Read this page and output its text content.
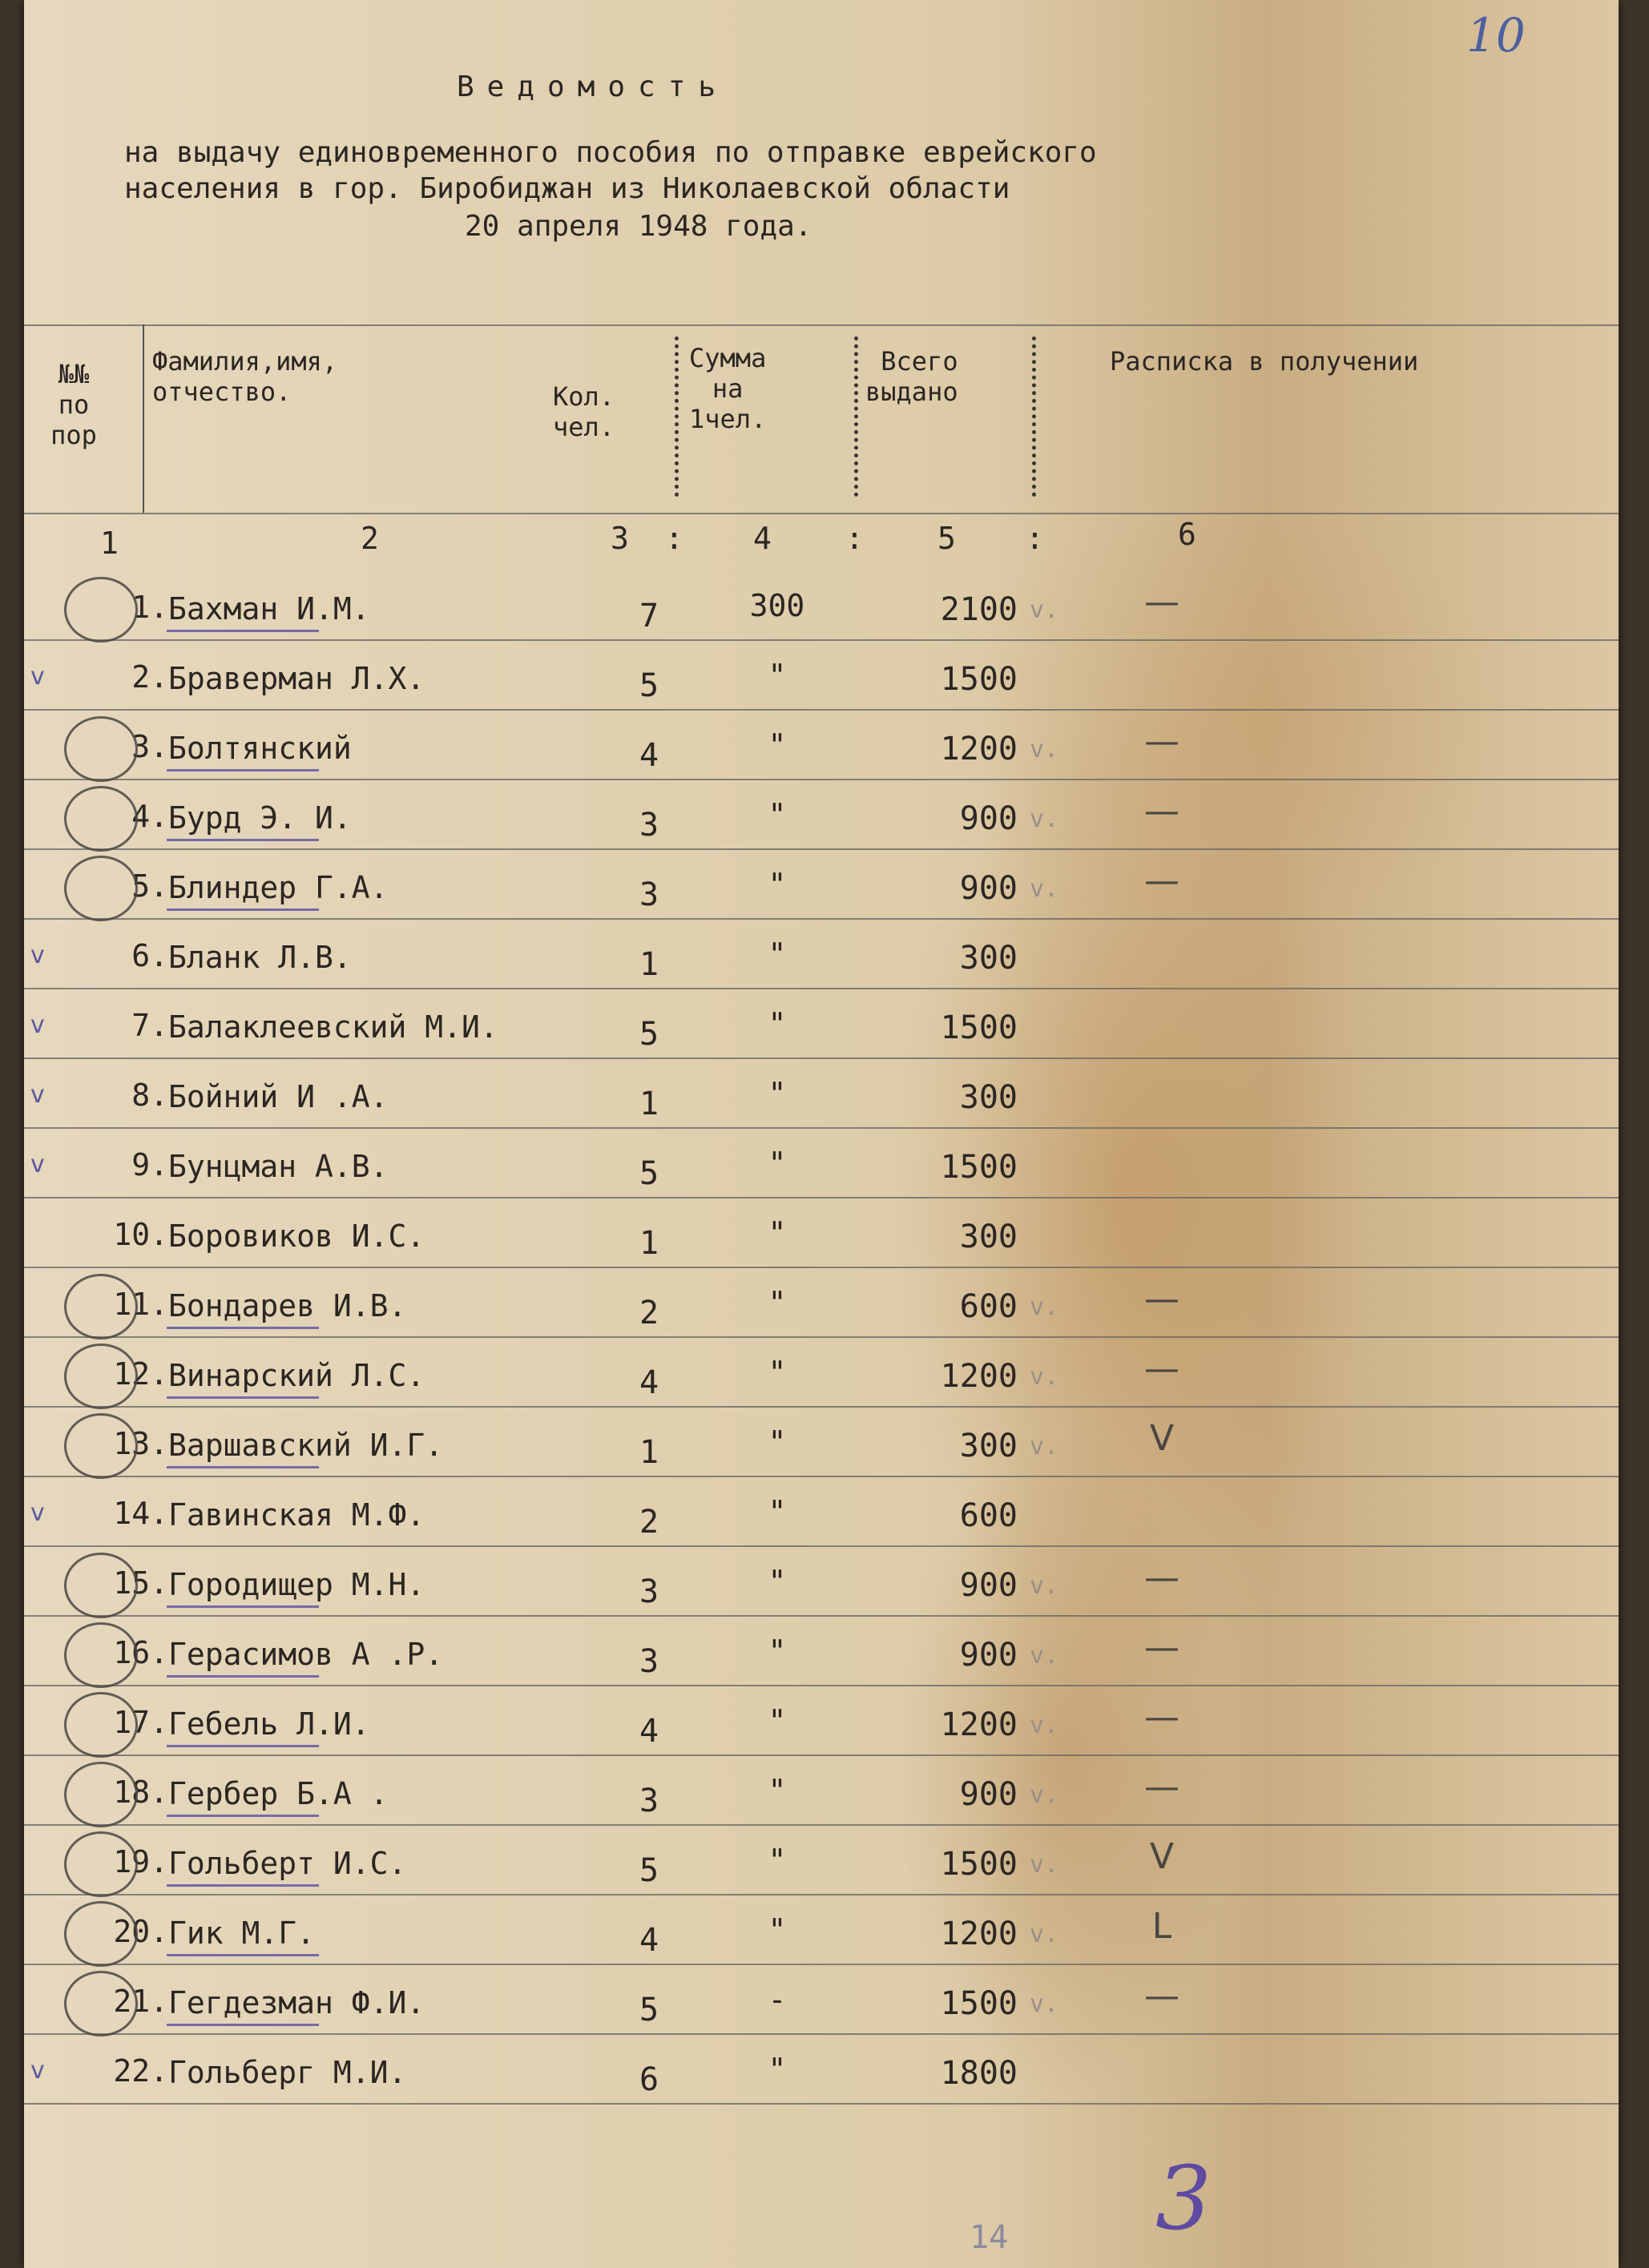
10
Ведомость
на выдачу единовременного пособия по отправке еврейского
населения в гор. Биробиджан из Николаевской области
20 апреля 1948 года.
№№
по
пор
Фамилия,имя,
отчество.	Кол.
чел.
Сумма
на
1чел.
Всего
выдано
Расписка в получении
1	2	3	4	5	6
:	:	:
1. Бахман И.М.	7	300	2100 v.	—
v	2. Браверман Л.Х.	5	"	1500
3. Болтянский	4	"	1200 v.	—
4. Бурд Э. И.	3	"	900 v.	—
5. Блиндер Г.А.	3	"	900 v.	—
v	6. Бланк Л.В.	1	"	300
v	7. Балаклеевский М.И.	5	"	1500
v	8. Бойний И .А.	1	"	300
v	9. Бунцман А.В.	5	"	1500
10. Боровиков И.С.	1	"	300
11. Бондарев И.В.	2	"	600 v.	—
12. Винарский Л.С.	4	"	1200 v.	—
13. Варшавский И.Г.	1	"	300 v.	V
v	14. Гавинская М.Ф.	2	"	600
15. Городищер М.Н.	3	"	900 v.	—
16. Герасимов А .Р.	3	"	900 v.	—
17. Гебель Л.И.	4	"	1200 v.	—
18. Гербер Б.А .	3	"	900 v.	—
19. Гольберт И.С.	5	"	1500 v.	V
20. Гик М.Г.	4	"	1200 v.	L
21. Гегдезман Ф.И.	5	-	1500 v.	—
v	22. Гольберг М.И.	6	"	1800
14 3
